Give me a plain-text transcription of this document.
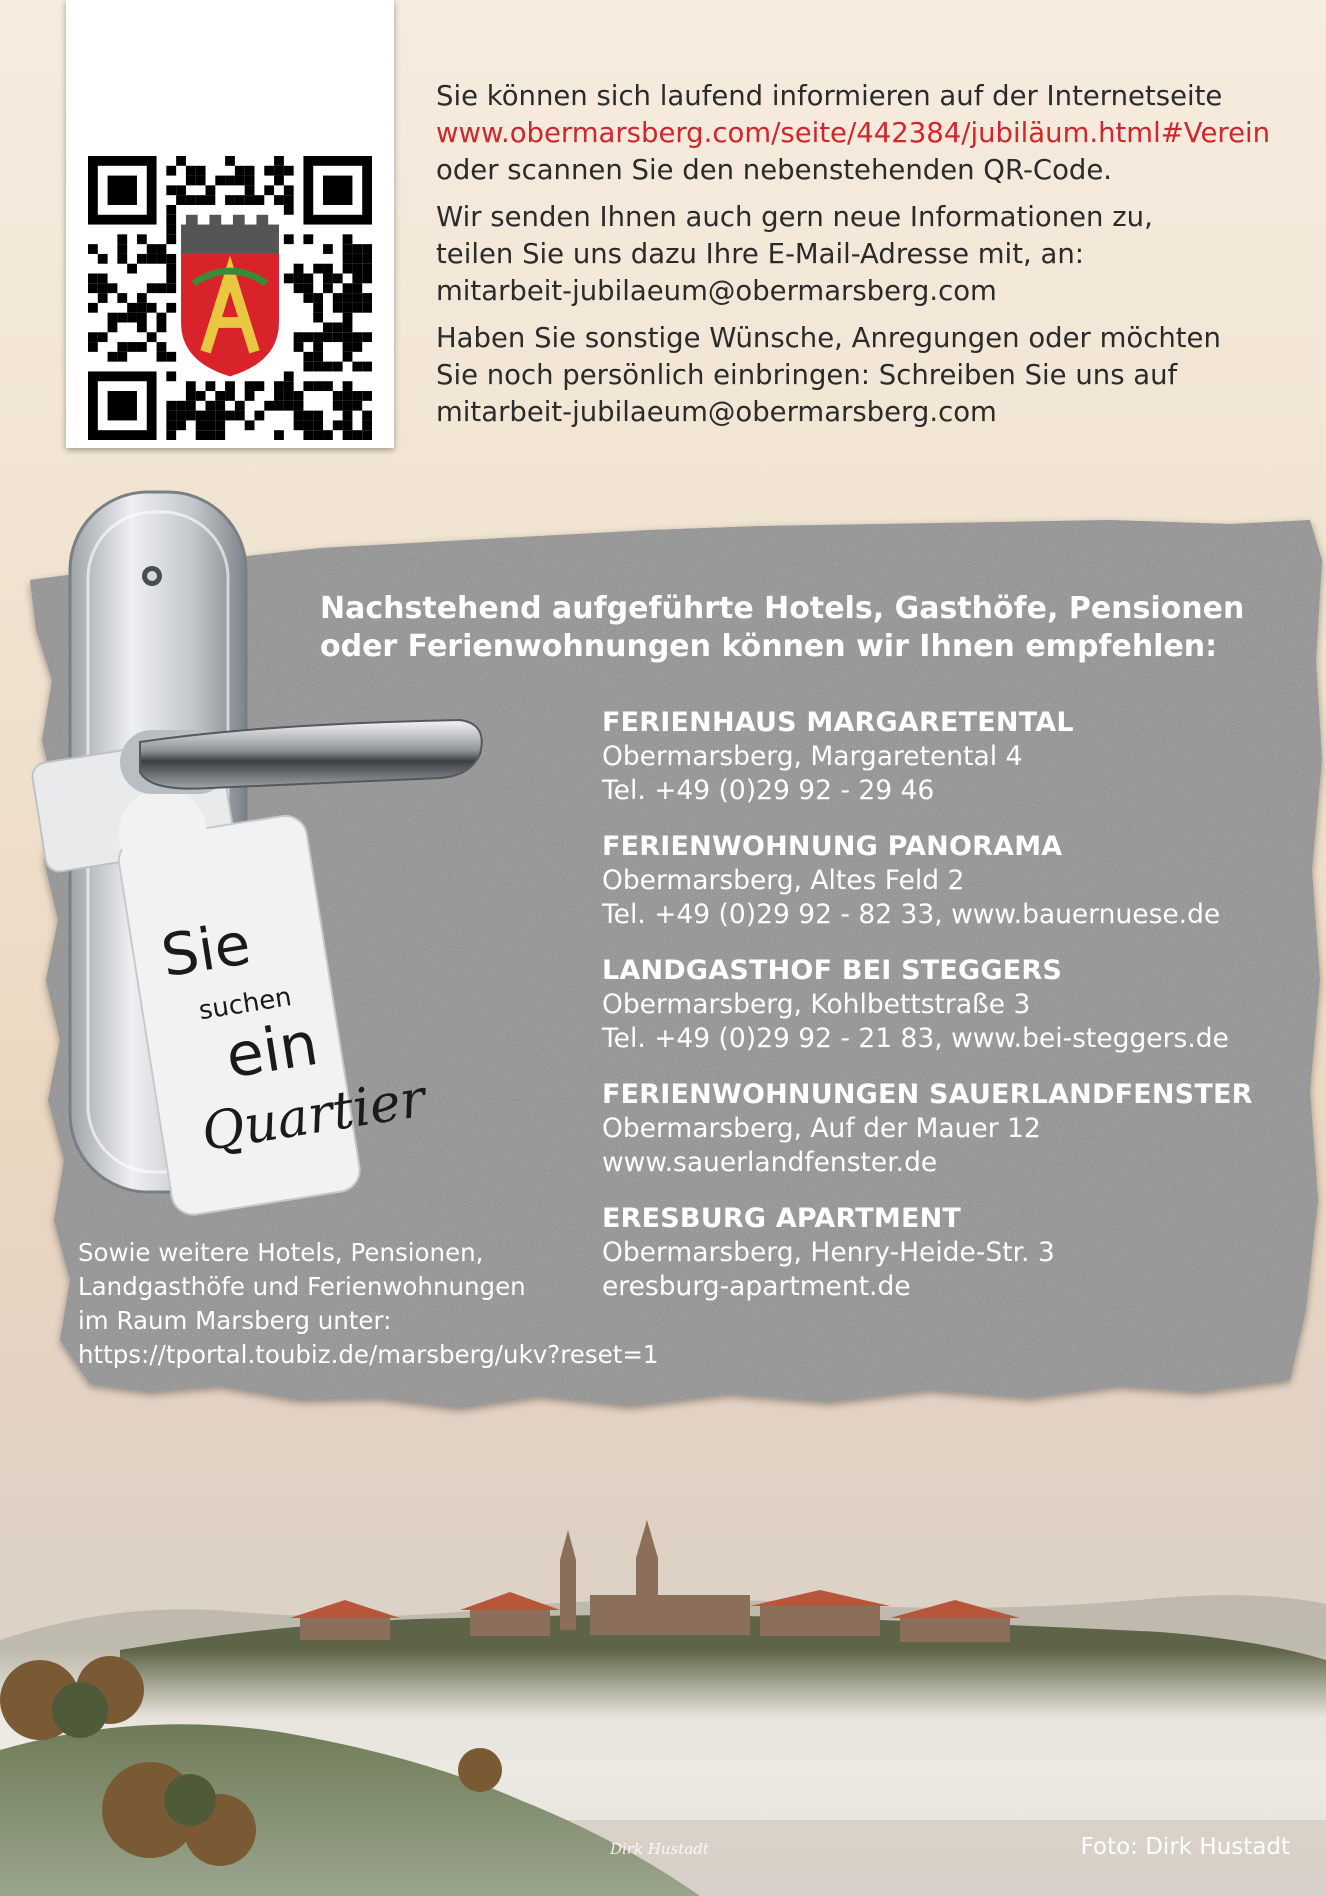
Sie können sich laufend informieren auf der Internetseite
www.obermarsberg.com/seite/442384/jubiläum.html#Verein
oder scannen Sie den nebenstehenden QR-Code.

Wir senden Ihnen auch gern neue Informationen zu,
teilen Sie uns dazu Ihre E-Mail-Adresse mit, an:
mitarbeit-jubilaeum@obermarsberg.com

Haben Sie sonstige Wünsche, Anregungen oder möchten
Sie noch persönlich einbringen: Schreiben Sie uns auf
mitarbeit-jubilaeum@obermarsberg.com

Sie
suchen
ein
Quartier
Nachstehend aufgeführte Hotels, Gasthöfe, Pensionen
oder Ferienwohnungen können wir Ihnen empfehlen:
FERIENHAUS MARGARETENTAL
Obermarsberg, Margaretental 4
Tel. +49 (0)29 92 - 29 46
FERIENWOHNUNG PANORAMA
Obermarsberg, Altes Feld 2
Tel. +49 (0)29 92 - 82 33, www.bauernuese.de
LANDGASTHOF BEI STEGGERS
Obermarsberg, Kohlbettstraße 3
Tel. +49 (0)29 92 - 21 83, www.bei-steggers.de
FERIENWOHNUNGEN SAUERLANDFENSTER
Obermarsberg, Auf der Mauer 12
www.sauerlandfenster.de
ERESBURG APARTMENT
Obermarsberg, Henry-Heide-Str. 3
eresburg-apartment.de
Sowie weitere Hotels, Pensionen,
Landgasthöfe und Ferienwohnungen
im Raum Marsberg unter:
https://tportal.toubiz.de/marsberg/ukv?reset=1
Dirk Hustadt	Foto: Dirk Hustadt
